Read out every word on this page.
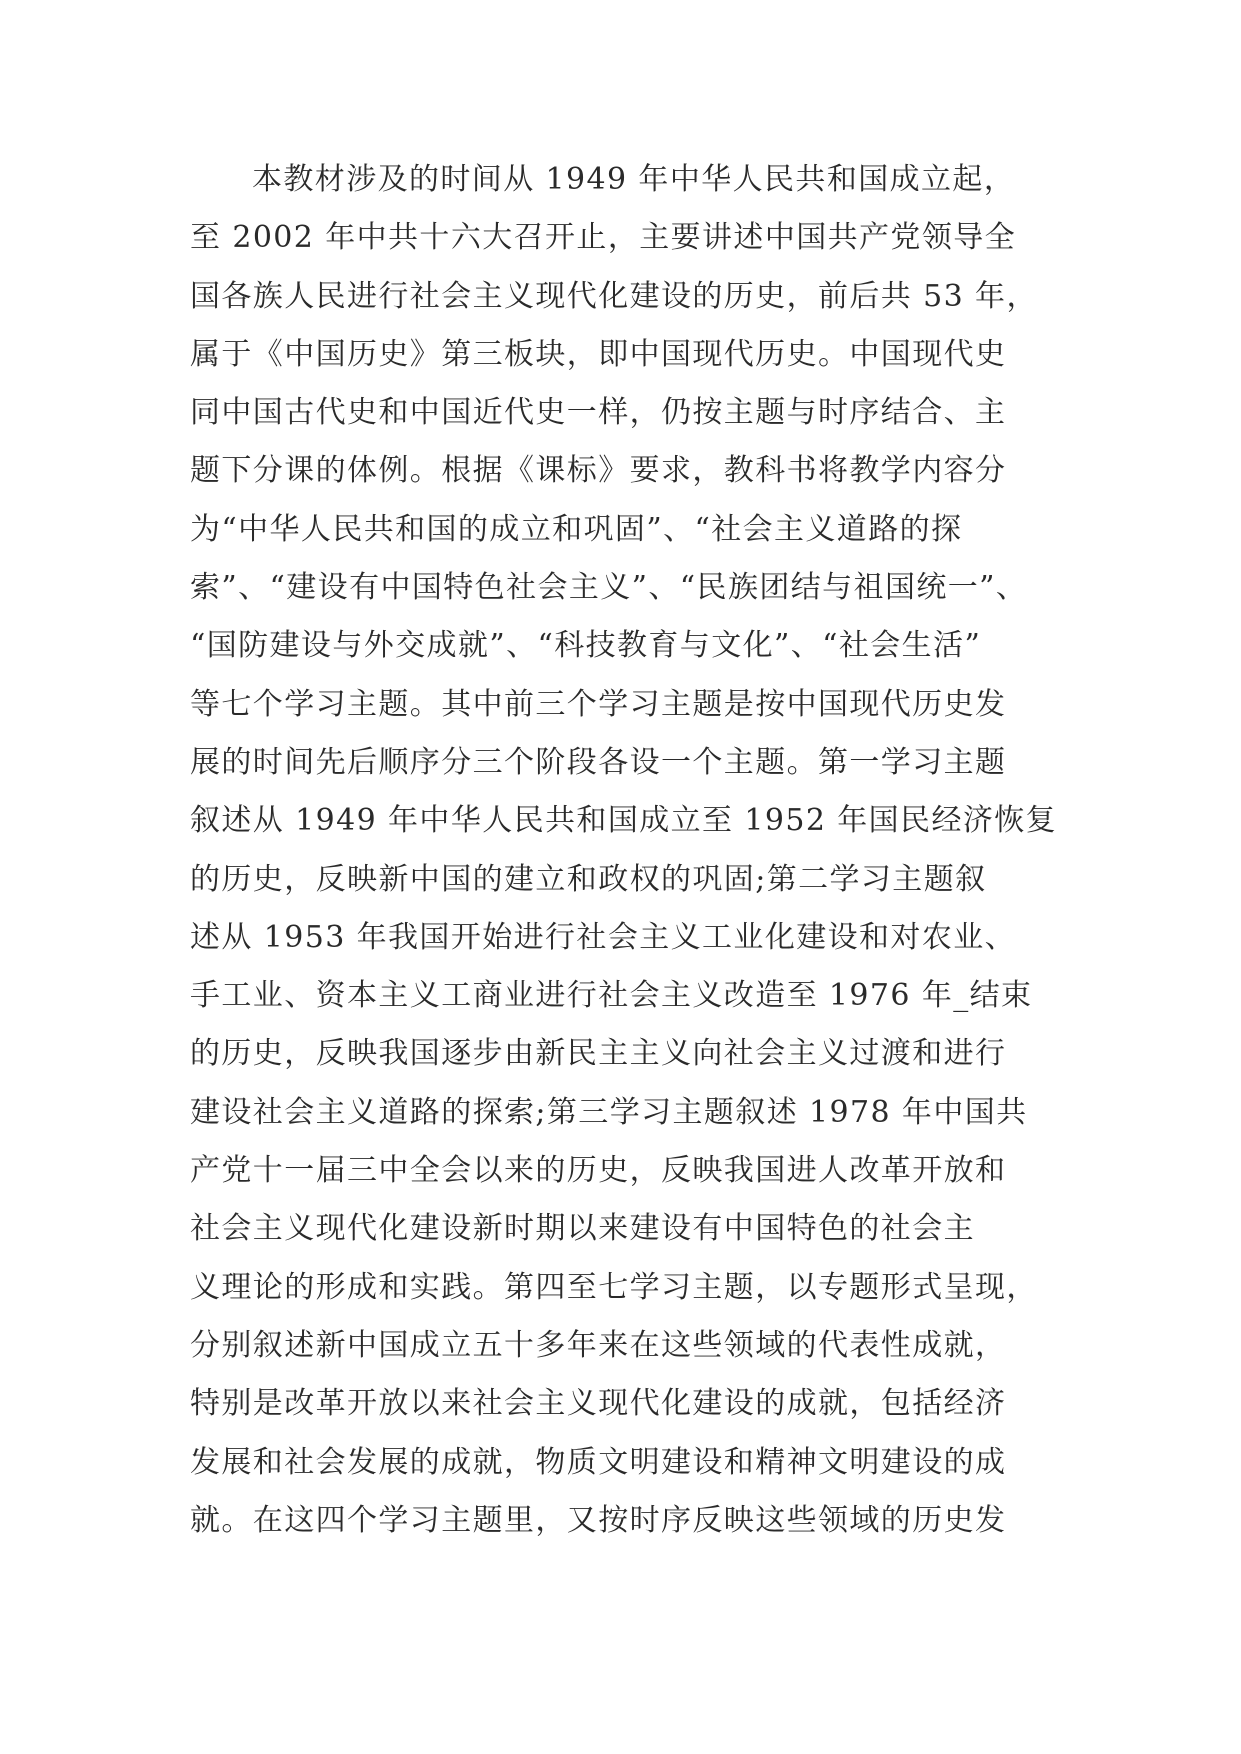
本教材涉及的时间从 1949 年中华人民共和国成立起，
至 2002 年中共十六大召开止，主要讲述中国共产党领导全
国各族人民进行社会主义现代化建设的历史，前后共 53 年，
属于《中国历史》第三板块，即中国现代历史。中国现代史
同中国古代史和中国近代史一样，仍按主题与时序结合、主
题下分课的体例。根据《课标》要求，教科书将教学内容分
为“中华人民共和国的成立和巩固”、“社会主义道路的探
索”、“建设有中国特色社会主义”、“民族团结与祖国统一”、
“国防建设与外交成就”、“科技教育与文化”、“社会生活”
等七个学习主题。其中前三个学习主题是按中国现代历史发
展的时间先后顺序分三个阶段各设一个主题。第一学习主题
叙述从 1949 年中华人民共和国成立至 1952 年国民经济恢复
的历史，反映新中国的建立和政权的巩固;第二学习主题叙
述从 1953 年我国开始进行社会主义工业化建设和对农业、
手工业、资本主义工商业进行社会主义改造至 1976 年_结束
的历史，反映我国逐步由新民主主义向社会主义过渡和进行
建设社会主义道路的探索;第三学习主题叙述 1978 年中国共
产党十一届三中全会以来的历史，反映我国进人改革开放和
社会主义现代化建设新时期以来建设有中国特色的社会主
义理论的形成和实践。第四至七学习主题，以专题形式呈现，
分别叙述新中国成立五十多年来在这些领域的代表性成就，
特别是改革开放以来社会主义现代化建设的成就，包括经济
发展和社会发展的成就，物质文明建设和精神文明建设的成
就。在这四个学习主题里，又按时序反映这些领域的历史发
